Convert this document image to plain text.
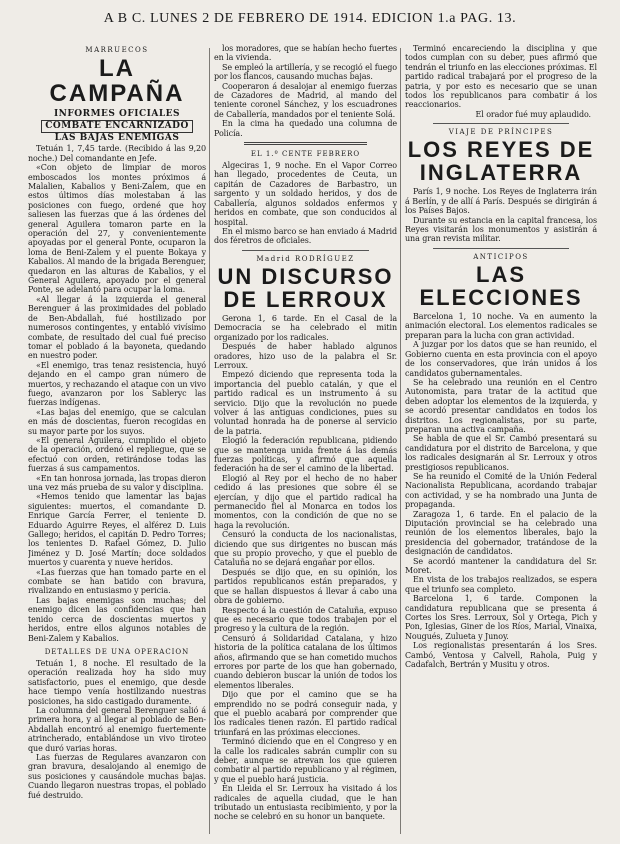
A B C. LUNES 2 DE FEBRERO DE 1914. EDICION 1.a PAG. 13.
MARRUECOS
LA CAMPAÑA
INFORMES OFICIALES
COMBATE ENCARNIZADO
LAS BAJAS ENEMIGAS

Tetuán 1, 7,45 tarde. (Recibido á las 9,20 noche.) Del comandante en Jefe.

«Con objeto de limpiar de moros emboscados los montes próximos á Malalien, Kabalios y Beni-Zalem, que en estos últimos días molestaban á las posiciones con fuego, ordené que hoy saliesen las fuerzas que á las órdenes del general Aguilera tomaron parte en la operación del 27, y convenientemente apoyadas por el general Ponte, ocuparon la loma de Beni-Zalem y el puente Bokaya y Kabalios. Al mando de la brigada Berenguer, quedaron en las alturas de Kabalios, y el General Aguilera, apoyado por el general Ponte, se adelantó para ocupar la loma.

«Al llegar á la izquierda el general Berenguer á las proximidades del poblado de Ben-Abdallah, fué hostilizado por numerosos contingentes, y entabló vivísimo combate, de resultado del cual fué preciso tomar el poblado á la bayoneta, quedando en nuestro poder.

«El enemigo, tras tenaz resistencia, huyó dejando en el campo gran número de muertos, y rechazando el ataque con un vivo fuego, avanzaron por los Sableryc las fuerzas indígenas.

«Las bajas del enemigo, que se calculan en más de doscientas, fueron recogidas en su mayor parte por los suyos.

«El general Aguilera, cumplido el objeto de la operación, ordenó el repliegue, que se efectuó con orden, retirándose todas las fuerzas á sus campamentos.

«En tan honrosa jornada, las tropas dieron una vez más prueba de su valor y disciplina.

«Hemos tenido que lamentar las bajas siguientes: muertos, el comandante D. Enrique García Ferrer, el teniente D. Eduardo Aguirre Reyes, el alférez D. Luis Gallego; heridos, el capitán D. Pedro Torres; los tenientes D. Rafael Gómez, D. Julio Jiménez y D. José Martín; doce soldados muertos y cuarenta y nueve heridos.

«Las fuerzas que han tomado parte en el combate se han batido con bravura, rivalizando en entusiasmo y pericia.

Las bajas enemigas son muchas; del enemigo dicen las confidencias que han tenido cerca de doscientas muertos y heridos, entre ellos algunos notables de Beni-Zalem y Kabalios.

DETALLES DE UNA OPERACION

Tetuán 1, 8 noche. El resultado de la operación realizada hoy ha sido muy satisfactorio, pues el enemigo, que desde hace tiempo venía hostilizando nuestras posiciones, ha sido castigado duramente.

La columna del general Berenguer salió á primera hora, y al llegar al poblado de Ben-Abdallah encontró al enemigo fuertemente atrincherado, entablándose un vivo tiroteo que duró varias horas.

Las fuerzas de Regulares avanzaron con gran bravura, desalojando al enemigo de sus posiciones y causándole muchas bajas. Cuando llegaron nuestras tropas, el poblado fué destruido.

los moradores, que se habían hecho fuertes en la vivienda.

Se empleó la artillería, y se recogió el fuego por los flancos, causando muchas bajas.

Cooperaron á desalojar al enemigo fuerzas de Cazadores de Madrid, al mando del teniente coronel Sánchez, y los escuadrones de Caballería, mandados por el teniente Solá.

En la cima ha quedado una columna de Policía.

EL 1.º CENTE FEBRERO

Algeciras 1, 9 noche. En el Vapor Correo han llegado, procedentes de Ceuta, un capitán de Cazadores de Barbastro, un sargento y un soldado heridos, y dos de Caballería, algunos soldados enfermos y heridos en combate, que son conducidos al hospital.

En el mismo barco se han enviado á Madrid dos féretros de oficiales.

Madrid RODRÍGUEZ
UN DISCURSO DE LERROUX

Gerona 1, 6 tarde. En el Casal de la Democracia se ha celebrado el mitin organizado por los radicales.

Después de haber hablado algunos oradores, hizo uso de la palabra el Sr. Lerroux.

Empezó diciendo que representa toda la importancia del pueblo catalán, y que el partido radical es un instrumento á su servicio. Dijo que la revolución no puede volver á las antiguas condiciones, pues su voluntad honrada ha de ponerse al servicio de la patria.

Elogió la federación republicana, pidiendo que se mantenga unida frente á las demás fuerzas políticas, y afirmó que aquella federación ha de ser el camino de la libertad.

Elogió al Rey por el hecho de no haber cedido á las presiones que sobre él se ejercían, y dijo que el partido radical ha permanecido fiel al Monarca en todos los momentos, con la condición de que no se haga la revolución.

Censuró la conducta de los nacionalistas, diciendo que sus dirigentes no buscan más que su propio provecho, y que el pueblo de Cataluña no se dejará engañar por ellos.

Después se dijo que, en su opinión, los partidos republicanos están preparados, y que se hallan dispuestos á llevar á cabo una obra de gobierno.

Respecto á la cuestión de Cataluña, expuso que es necesario que todos trabajen por el progreso y la cultura de la región.

Censuró á Solidaridad Catalana, y hizo historia de la política catalana de los últimos años, afirmando que se han cometido muchos errores por parte de los que han gobernado, cuando debieron buscar la unión de todos los elementos liberales.

Dijo que por el camino que se ha emprendido no se podrá conseguir nada, y que el pueblo acabará por comprender que los radicales tienen razón. El partido radical triunfará en las próximas elecciones.

Terminó diciendo que en el Congreso y en la calle los radicales sabrán cumplir con su deber, aunque se atrevan los que quieren combatir al partido republicano y al régimen, y que el pueblo hará justicia.

En Lleida el Sr. Lerroux ha visitado á los radicales de aquella ciudad, que le han tributado un entusiasta recibimiento, y por la noche se celebró en su honor un banquete.

Terminó encareciendo la disciplina y que todos cumplan con su deber, pues afirmó que tendrán el triunfo en las elecciones próximas. El partido radical trabajará por el progreso de la patria, y por esto es necesario que se unan todos los republicanos para combatir á los reaccionarios.

El orador fué muy aplaudido.

VIAJE DE PRÍNCIPES
LOS REYES DE INGLATERRA

París 1, 9 noche. Los Reyes de Inglaterra irán á Berlín, y de allí á París. Después se dirigirán á los Países Bajos.

Durante su estancia en la capital francesa, los Reyes visitarán los monumentos y asistirán á una gran revista militar.

ANTICIPOS
LAS ELECCIONES

Barcelona 1, 10 noche. Va en aumento la animación electoral. Los elementos radicales se preparan para la lucha con gran actividad.

A juzgar por los datos que se han reunido, el Gobierno cuenta en esta provincia con el apoyo de los conservadores, que irán unidos á los candidatos gubernamentales.

Se ha celebrado una reunión en el Centro Autonomista, para tratar de la actitud que deben adoptar los elementos de la izquierda, y se acordó presentar candidatos en todos los distritos. Los regionalistas, por su parte, preparan una activa campaña.

Se habla de que el Sr. Cambó presentará su candidatura por el distrito de Barcelona, y que los radicales designarán al Sr. Lerroux y otros prestigiosos republicanos.

Se ha reunido el Comité de la Unión Federal Nacionalista Republicana, acordando trabajar con actividad, y se ha nombrado una Junta de propaganda.

Zaragoza 1, 6 tarde. En el palacio de la Diputación provincial se ha celebrado una reunión de los elementos liberales, bajo la presidencia del gobernador, tratándose de la designación de candidatos.

Se acordó mantener la candidatura del Sr. Moret.

En vista de los trabajos realizados, se espera que el triunfo sea completo.

Barcelona 1, 6 tarde. Componen la candidatura republicana que se presenta á Cortes los Sres. Lerroux, Sol y Ortega, Pich y Pon, Iglesias, Giner de los Ríos, Marial, Vinaixa, Nougués, Zulueta y Junoy.

Los regionalistas presentarán á los Sres. Cambó, Ventosa y Calvell, Rahola, Puig y Cadafalch, Bertrán y Musitu y otros.
